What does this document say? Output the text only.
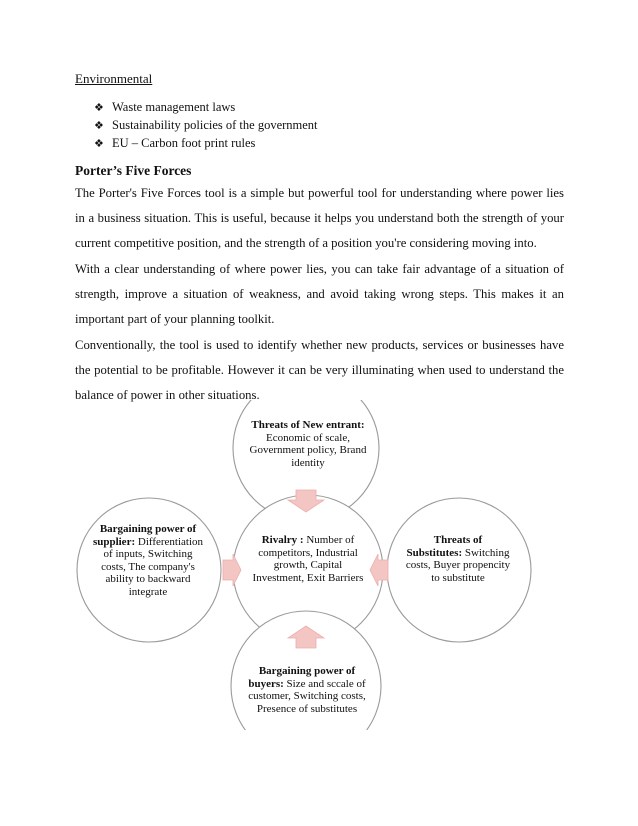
Environmental
❖ Waste management laws
❖ Sustainability policies of the government
❖ EU – Carbon foot print rules
Porter’s Five Forces

The Porter's Five Forces tool is a simple but powerful tool for understanding where power lies in a business situation. This is useful, because it helps you understand both the strength of your current competitive position, and the strength of a position you're considering moving into.

With a clear understanding of where power lies, you can take fair advantage of a situation of strength, improve a situation of weakness, and avoid taking wrong steps. This makes it an important part of your planning toolkit.

Conventionally, the tool is used to identify whether new products, services or businesses have the potential to be profitable. However it can be very illuminating when used to understand the balance of power in other situations.

Threats of New entrant: Economic of scale, Government policy, Brand identity
Bargaining power of supplier: Differentiation of inputs, Switching costs, The company's ability to backward integrate
Rivalry : Number of competitors, Industrial growth, Capital Investment, Exit Barriers
Threats of Substitutes: Switching costs, Buyer propencity to substitute
Bargaining power of buyers: Size and sccale of customer, Switching costs, Presence of substitutes
